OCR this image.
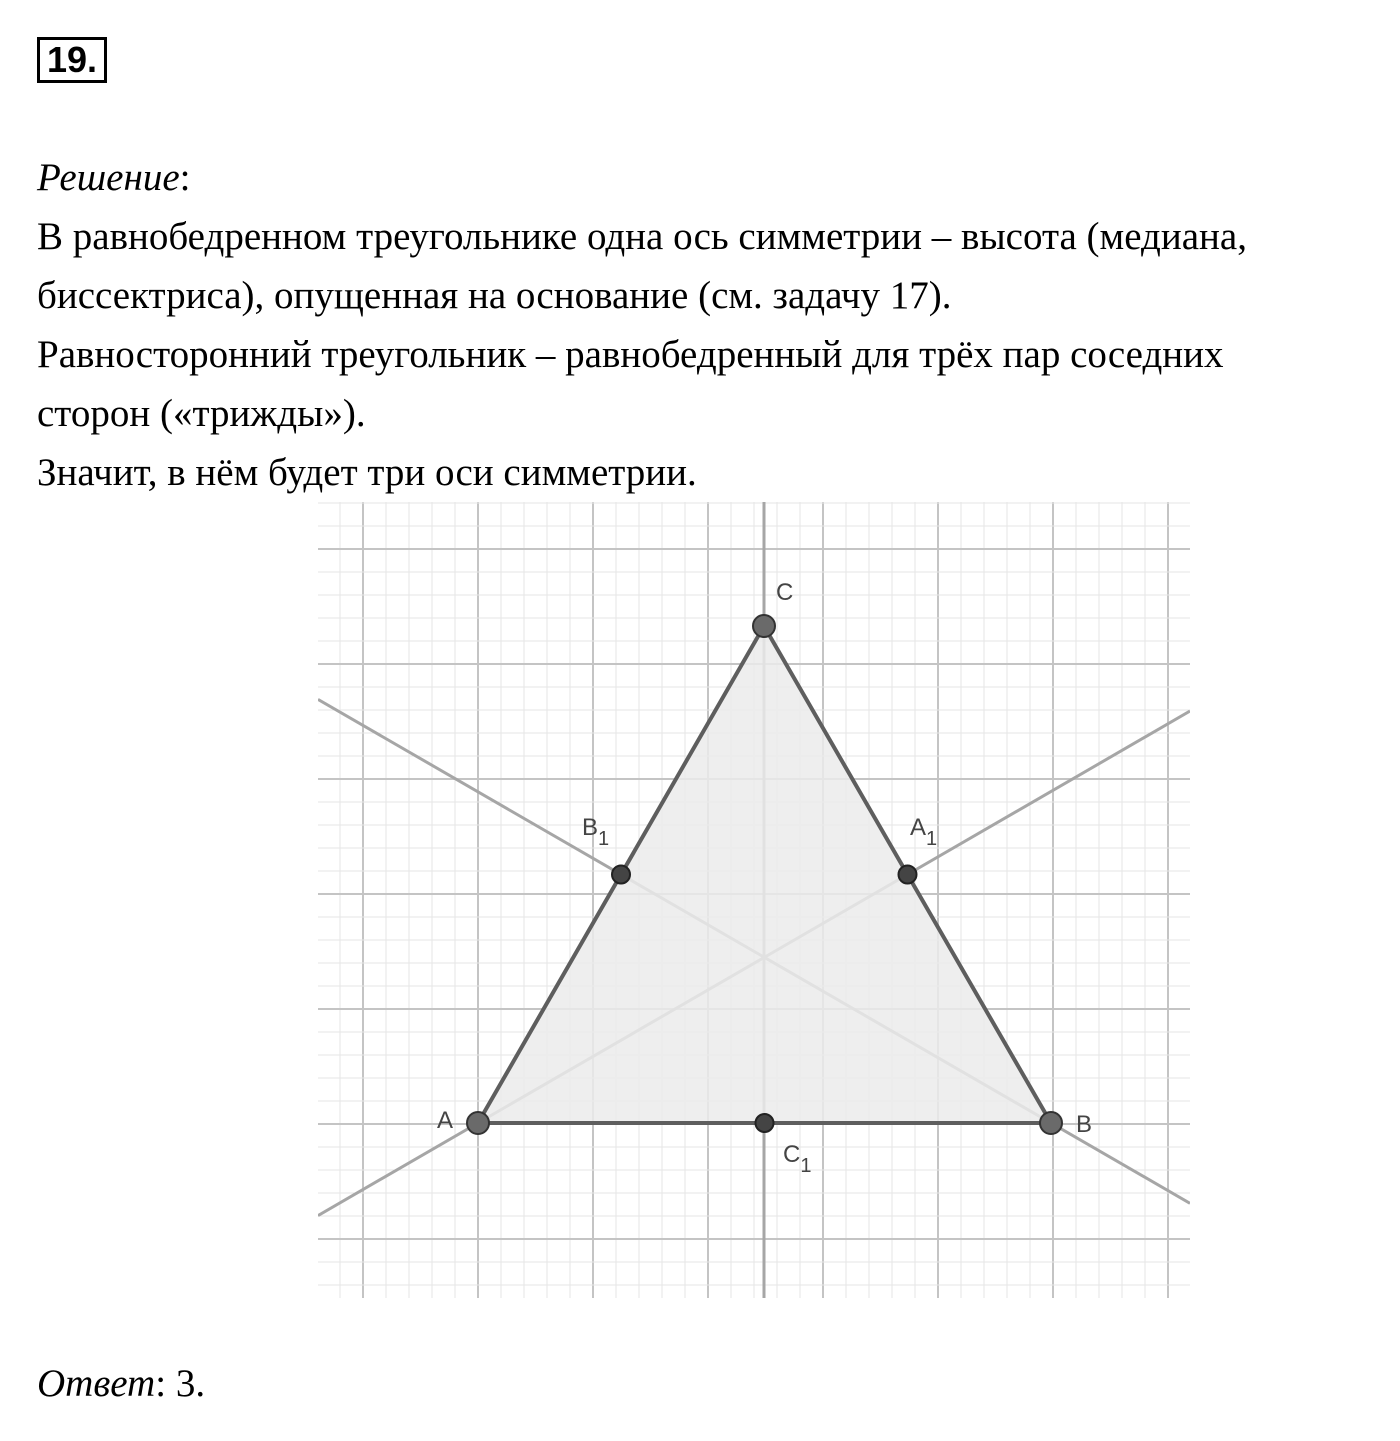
19.

Решение:

В равнобедренном треугольнике одна ось симметрии – высота (медиана,

биссектриса), опущенная на основание (см. задачу 17).

Равносторонний треугольник – равнобедренный для трёх пар соседних

сторон («трижды»).

Значит, в нём будет три оси симметрии.

C
A	B
$B_1$	$A_1$
$C_1$
Ответ: 3.
